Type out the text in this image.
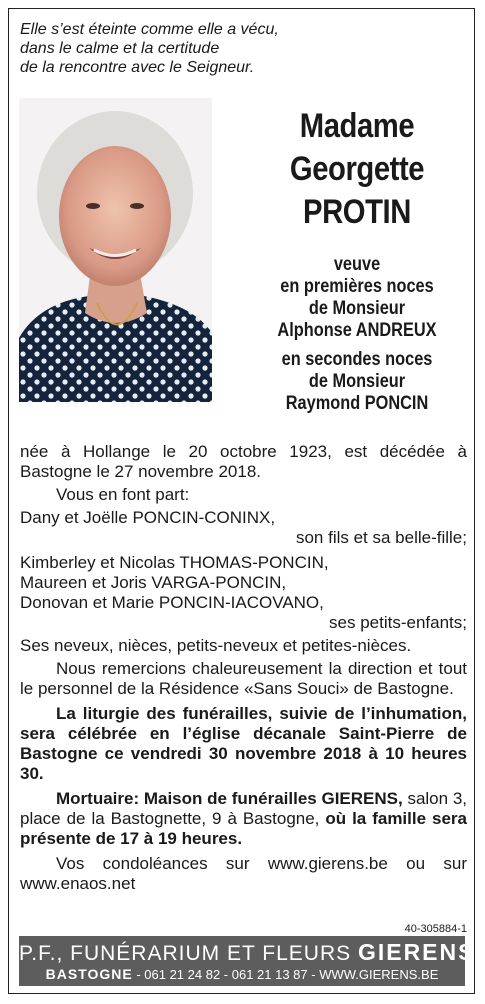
Elle s’est éteinte comme elle a vécu,
dans le calme et la certitude
de la rencontre avec le Seigneur.
Madame
Georgette
PROTIN
veuve
en premières noces
de Monsieur
Alphonse ANDREUX
en secondes noces
de Monsieur
Raymond PONCIN
née à Hollange le 20 octobre 1923, est décédée à Bastogne le 27 novembre 2018.
Vous en font part:
Dany et Joëlle PONCIN-CONINX,
son fils et sa belle-fille;
Kimberley et Nicolas THOMAS-PONCIN,
Maureen et Joris VARGA-PONCIN,
Donovan et Marie PONCIN-IACOVANO,
ses petits-enfants;
Ses neveux, nièces, petits-neveux et petites-nièces.
Nous remercions chaleureusement la direction et tout le personnel de la Résidence «Sans Souci» de Bastogne.
La liturgie des funérailles, suivie de l’inhumation, sera célébrée en l’église décanale Saint-Pierre de Bastogne ce vendredi 30 novembre 2018 à 10 heures 30.
Mortuaire: Maison de funérailles GIERENS, salon 3, place de la Bastognette, 9 à Bastogne, où la famille sera présente de 17 à 19 heures.
Vos condoléances sur www.gierens.be ou sur www.enaos.net
40-305884-1
P.F., FUNÉRARIUM ET FLEURS GIERENS
BASTOGNE - 061 21 24 82 - 061 21 13 87 - WWW.GIERENS.BE
